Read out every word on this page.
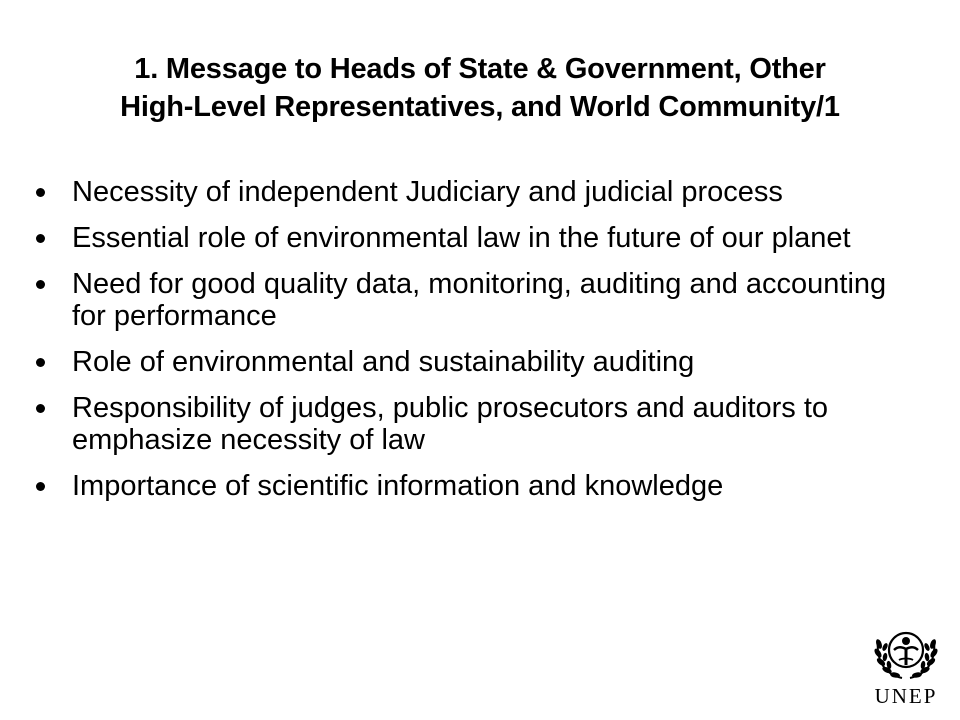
1. Message to Heads of State & Government, Other
High-Level Representatives, and World Community/1
Necessity of independent Judiciary and judicial process
Essential role of environmental law in the future of our planet
Need for good quality data, monitoring, auditing and accounting for performance
Role of environmental and sustainability auditing
Responsibility of judges, public prosecutors and auditors to emphasize necessity of law
Importance of scientific information and knowledge
UNEP
